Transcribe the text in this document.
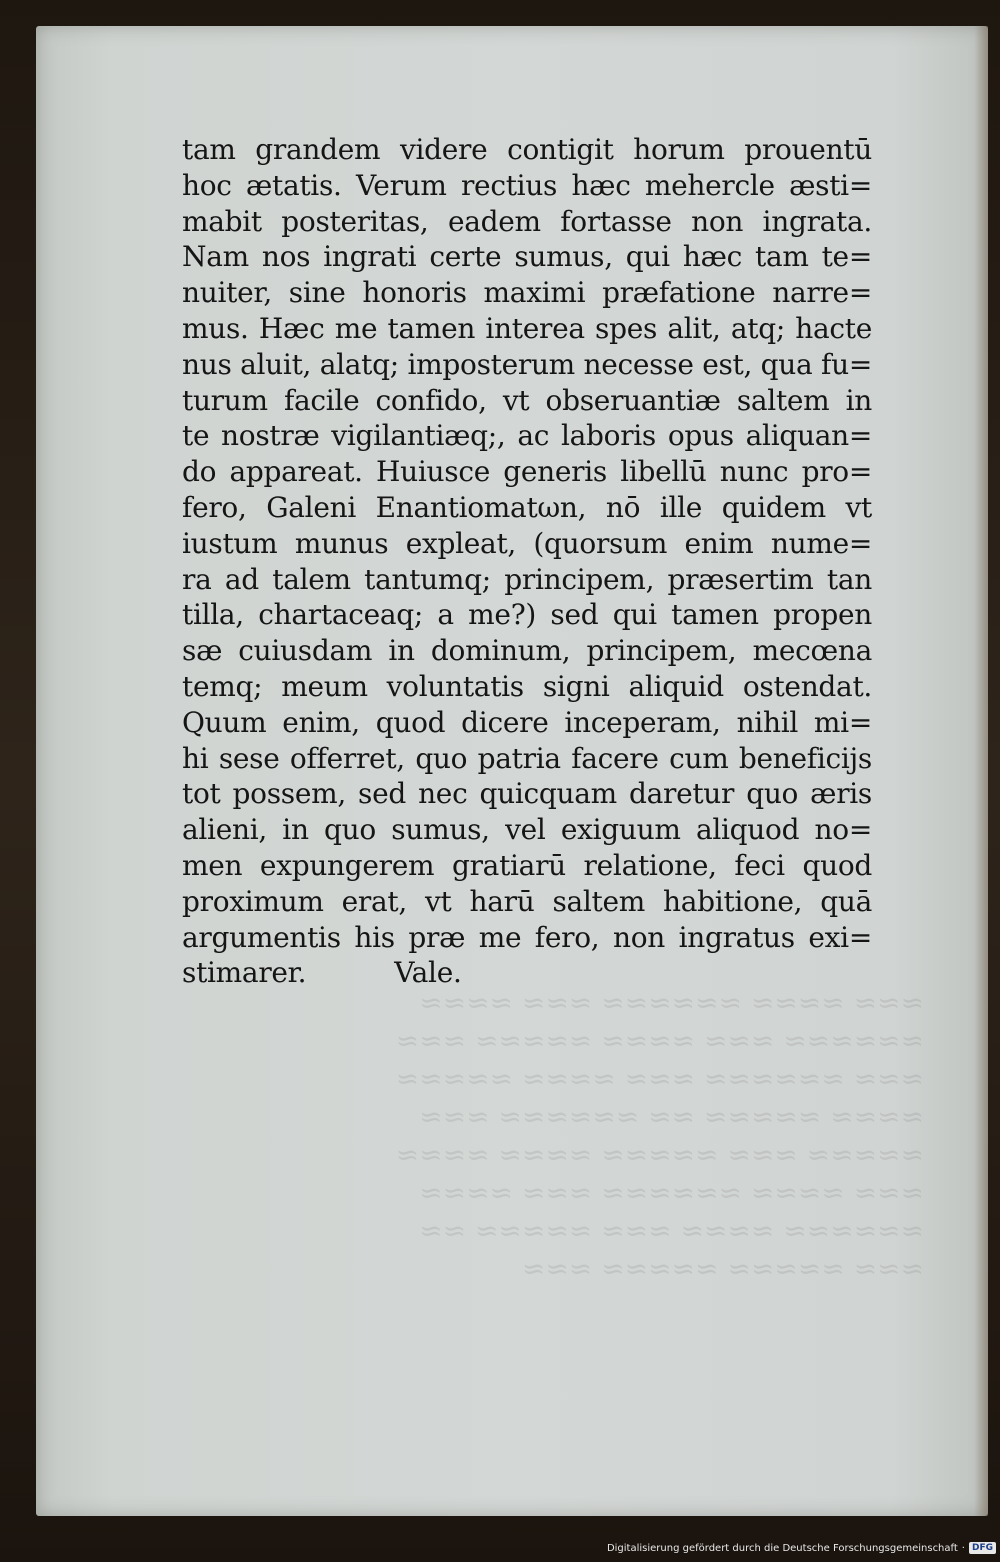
≈≈≈ ≈≈≈≈ ≈≈≈≈≈≈ ≈≈≈ ≈≈≈≈
≈≈≈≈≈≈ ≈≈≈ ≈≈≈≈ ≈≈≈≈≈ ≈≈≈
≈≈≈ ≈≈≈≈≈≈ ≈≈≈ ≈≈≈≈ ≈≈≈≈≈
≈≈≈≈ ≈≈≈≈≈ ≈≈ ≈≈≈≈≈≈ ≈≈≈
≈≈≈≈≈ ≈≈≈ ≈≈≈≈≈ ≈≈≈≈ ≈≈≈≈
≈≈≈ ≈≈≈≈ ≈≈≈≈≈≈ ≈≈≈ ≈≈≈≈
≈≈≈≈≈≈ ≈≈≈≈ ≈≈≈ ≈≈≈≈≈ ≈≈
≈≈≈ ≈≈≈≈≈ ≈≈≈≈≈ ≈≈≈
tam grandem videre contigit horum prouentū
hoc ætatis. Verum rectius hæc mehercle æsti=
mabit posteritas, eadem fortasse non ingrata.
Nam nos ingrati certe sumus, qui hæc tam te=
nuiter, sine honoris maximi præfatione narre=
mus. Hæc me tamen interea spes alit, atq; hacte
nus aluit, alatq; imposterum necesse est, qua fu=
turum facile confido, vt obseruantiæ saltem in
te nostræ vigilantiæq;, ac laboris opus aliquan=
do appareat. Huiusce generis libellū nunc pro=
fero, Galeni Enantiomatωn, nō ille quidem vt
iustum munus expleat, (quorsum enim nume=
ra ad talem tantumq; principem, præsertim tan
tilla, chartaceaq; a me?) sed qui tamen propen
sæ cuiusdam in dominum, principem, mecœna
temq; meum voluntatis signi aliquid ostendat.
Quum enim, quod dicere inceperam, nihil mi=
hi sese offerret, quo patria facere cum beneficijs
tot possem, sed nec quicquam daretur quo æris
alieni, in quo sumus, vel exiguum aliquod no=
men expungerem gratiarū relatione, feci quod
proximum erat, vt harū saltem habitione, quā
argumentis his præ me fero, non ingratus exi=
stimarer.	Vale.
Digitalisierung gefördert durch die Deutsche Forschungsgemeinschaft · DFG
